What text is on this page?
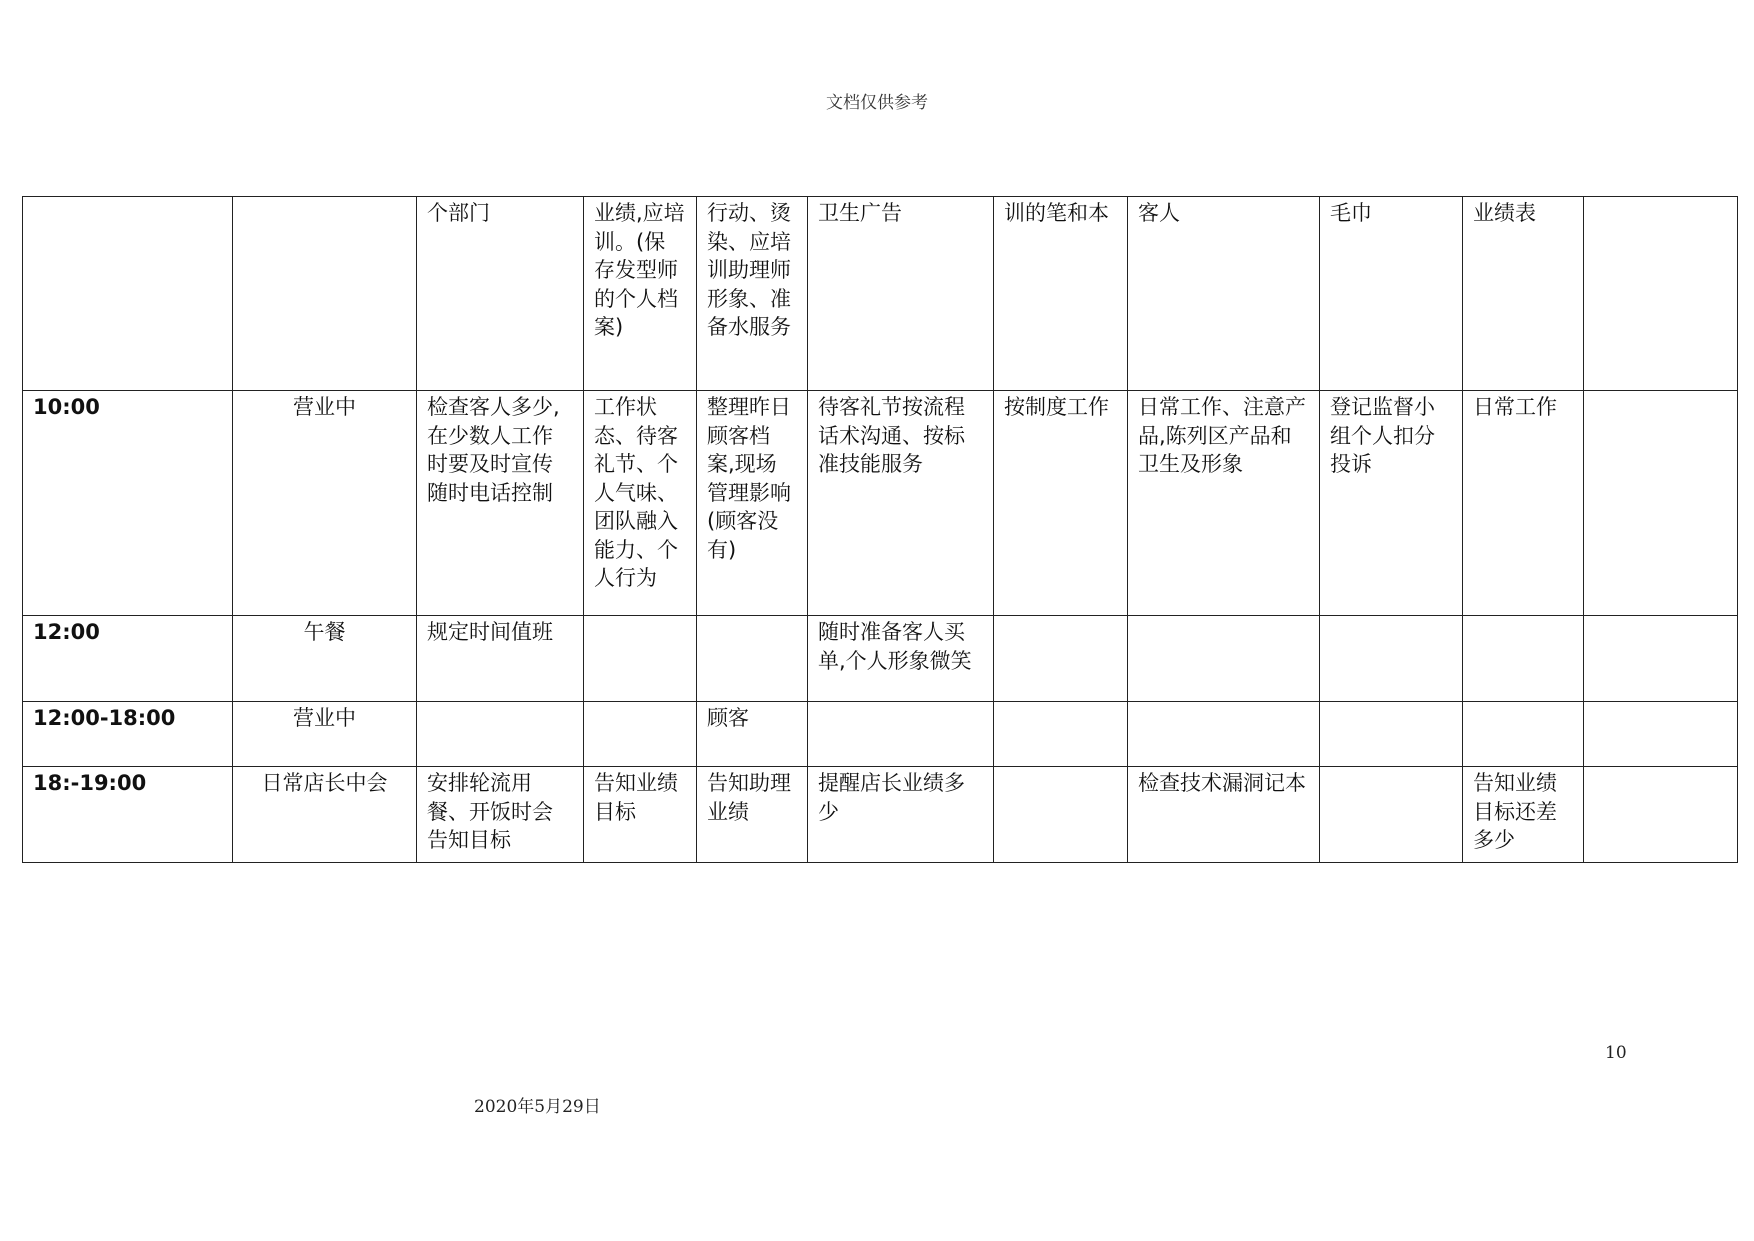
文档仅供参考
		个部门	业绩,应培训。(保存发型师的个人档案)	行动、烫染、应培训助理师形象、准备水服务	卫生广告	训的笔和本	客人	毛巾	业绩表	
10:00	营业中	检查客人多少,在少数人工作时要及时宣传随时电话控制	工作状态、待客礼节、个人气味、团队融入能力、个人行为	整理昨日顾客档案,现场管理影响(顾客没有)	待客礼节按流程话术沟通、按标准技能服务	按制度工作	日常工作、注意产品,陈列区产品和卫生及形象	登记监督小组个人扣分投诉	日常工作	
12:00	午餐	规定时间值班			随时准备客人买单,个人形象微笑					
12:00-18:00	营业中			顾客						
18:-19:00	日常店长中会	安排轮流用餐、开饭时会告知目标	告知业绩目标	告知助理业绩	提醒店长业绩多少		检查技术漏洞记本		告知业绩目标还差多少	
10
2020年5月29日
